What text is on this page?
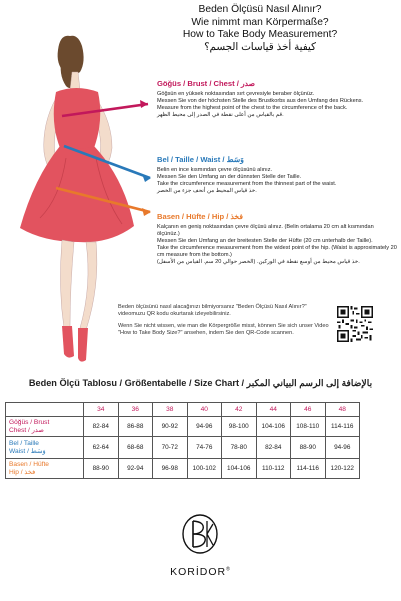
Beden Ölçüsü Nasıl Alınır?
Wie nimmt man Körpermaße?
How to Take Body Measurement?
كيفية أخذ قياسات الجسم؟
Göğüs / Brust / Chest / صدر
Göğsün en yüksek noktasından sırt çevresiyle beraber ölçünüz.
Messen Sie von der höchsten Stelle des Brustkorbs aus den Umfang des Rückens.
Measure from the highest point of the chest to the circumference of the back.
.قم بالقياس من أعلى نقطة في الصدر إلى محيط الظهر
Bel / Taille / Waist / وَسَط
Belin en ince kısmından çevre ölçüsünü alınız.
Messen Sie den Umfang an der dünnsten Stelle der Taille.
Take the circumference measurement from the thinnest part of the waist.
.خذ قياس المحيط من أنحف جزء من الخصر
Basen / Hüfte / Hip / فخذ
Kalçanın en geniş noktasından çevre ölçüsü alınız. (Belin ortalama 20 cm alt kısmından ölçünüz.)
Messen Sie den Umfang an der breitesten Stelle der Hüfte (20 cm unterhalb der Taille).
Take the circumference measurement from the widest point of the hip. (Waist is approximately 20 cm measure from the bottom.)
.خذ قياس محيط من أوسع نقطة في الوركين. (الخصر حوالي 20 سم. القياس من الأسفل)

Beden ölçüsünü nasıl alacağınızı bilmiyorsanız "Beden Ölçüsü Nasıl Alınır?" videomuzu QR kodu okurtarak izleyebilirsiniz.

Wenn Sie nicht wissen, wie man die Körpergröße misst, können Sie sich unser Video "How to Take Body Size?" ansehen, indem Sie den QR-Code scannen.

Beden Ölçü Tablosu / Größentabelle / Size Chart / بالإضافة إلى الرسم البياني المكبر
	34	36	38	40	42	44	46	48

Göğüs / Brust
Chest / صدر	82-84	86-88	90-92	94-96	98-100	104-106	108-110	114-116

Bel / Taille
Waist / وَسَط	62-64	68-68	70-72	74-76	78-80	82-84	88-90	94-96

Basen / Hüfte
Hip / فخذ	88-90	92-94	96-98	100-102	104-106	110-112	114-116	120-122
KORİDOR®
